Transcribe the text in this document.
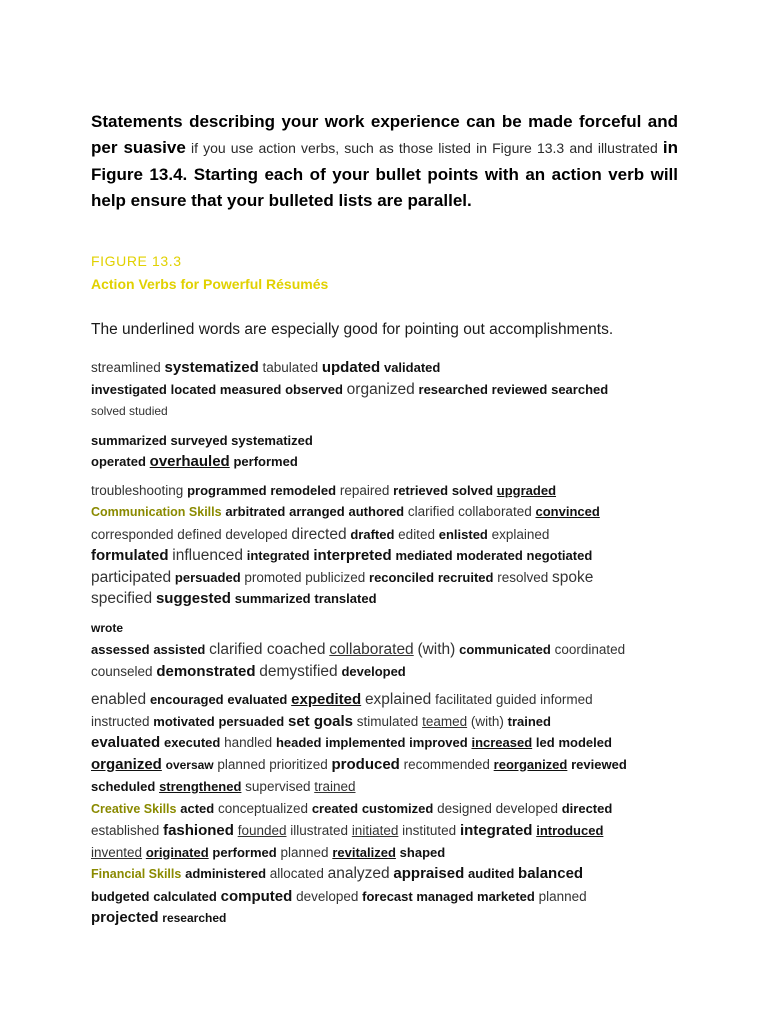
Statements describing your work experience can be made forceful and per suasive if you use action verbs, such as those listed in Figure 13.3 and illustrated in Figure 13.4. Starting each of your bullet points with an action verb will help ensure that your bulleted lists are parallel.

FIGURE 13.3
Action Verbs for Powerful Résumés
The underlined words are especially good for pointing out accomplishments.
streamlined systematized tabulated updated validated
investigated located measured observed organized researched reviewed searched
solved studied
summarized surveyed systematized
operated overhauled performed
troubleshooting programmed remodeled repaired retrieved solved upgraded
Communication Skills arbitrated arranged authored clarified collaborated convinced
corresponded defined developed directed drafted edited enlisted explained
formulated influenced integrated interpreted mediated moderated negotiated
participated persuaded promoted publicized reconciled recruited resolved spoke
specified suggested summarized translated
wrote
assessed assisted clarified coached collaborated (with) communicated coordinated
counseled demonstrated demystified developed
enabled encouraged evaluated expedited explained facilitated guided informed
instructed motivated persuaded set goals stimulated teamed (with) trained
evaluated executed handled headed implemented improved increased led modeled
organized oversaw planned prioritized produced recommended reorganized reviewed
scheduled strengthened supervised trained
Creative Skills acted conceptualized created customized designed developed directed
established fashioned founded illustrated initiated instituted integrated introduced
invented originated performed planned revitalized shaped
Financial Skills administered allocated analyzed appraised audited balanced
budgeted calculated computed developed forecast managed marketed planned
projected researched
